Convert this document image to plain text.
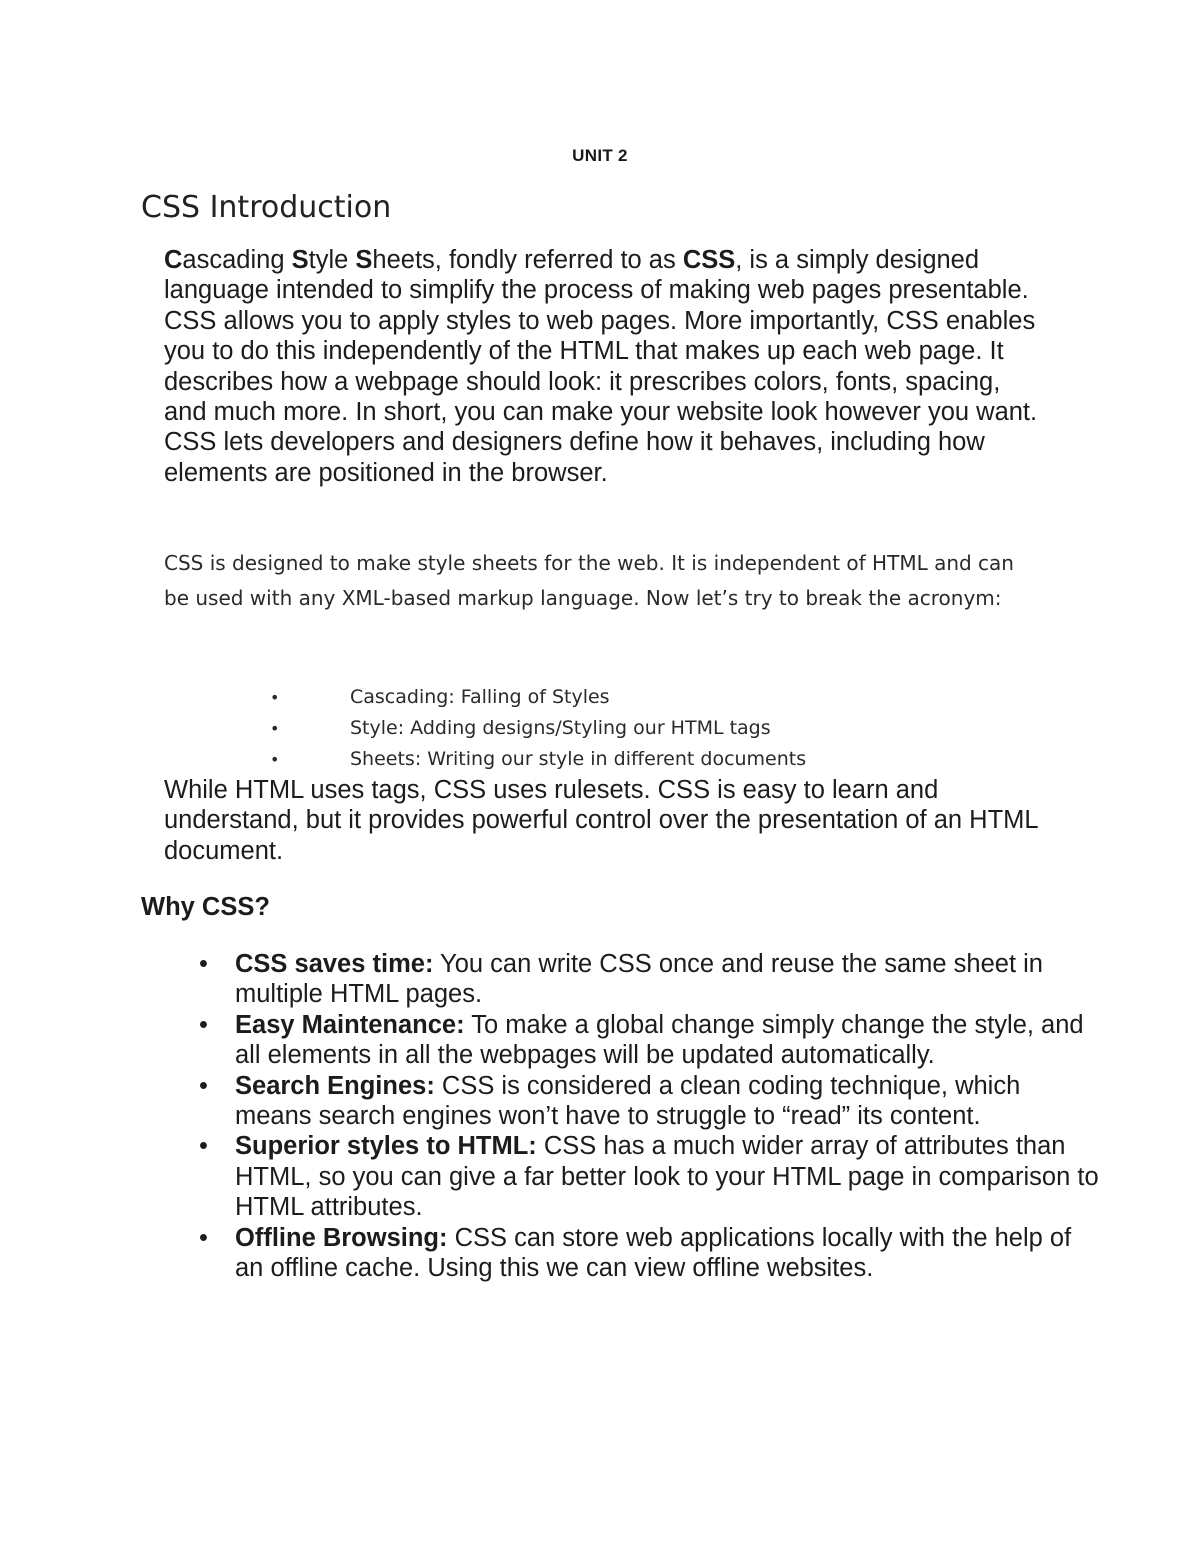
UNIT 2
CSS Introduction

Cascading Style Sheets, fondly referred to as CSS, is a simply designed language intended to simplify the process of making web pages presentable. CSS allows you to apply styles to web pages. More importantly, CSS enables you to do this independently of the HTML that makes up each web page. It describes how a webpage should look: it prescribes colors, fonts, spacing, and much more. In short, you can make your website look however you want. CSS lets developers and designers define how it behaves, including how elements are positioned in the browser.

CSS is designed to make style sheets for the web. It is independent of HTML and can be used with any XML-based markup language. Now let’s try to break the acronym:

•	Cascading: Falling of Styles
•	Style: Adding designs/Styling our HTML tags
•	Sheets: Writing our style in different documents

While HTML uses tags, CSS uses rulesets. CSS is easy to learn and understand, but it provides powerful control over the presentation of an HTML document.

Why CSS?
• CSS saves time: You can write CSS once and reuse the same sheet in multiple HTML pages.
• Easy Maintenance: To make a global change simply change the style, and all elements in all the webpages will be updated automatically.
• Search Engines: CSS is considered a clean coding technique, which means search engines won’t have to struggle to “read” its content.
• Superior styles to HTML: CSS has a much wider array of attributes than HTML, so you can give a far better look to your HTML page in comparison to HTML attributes.
• Offline Browsing: CSS can store web applications locally with the help of an offline cache. Using this we can view offline websites.
